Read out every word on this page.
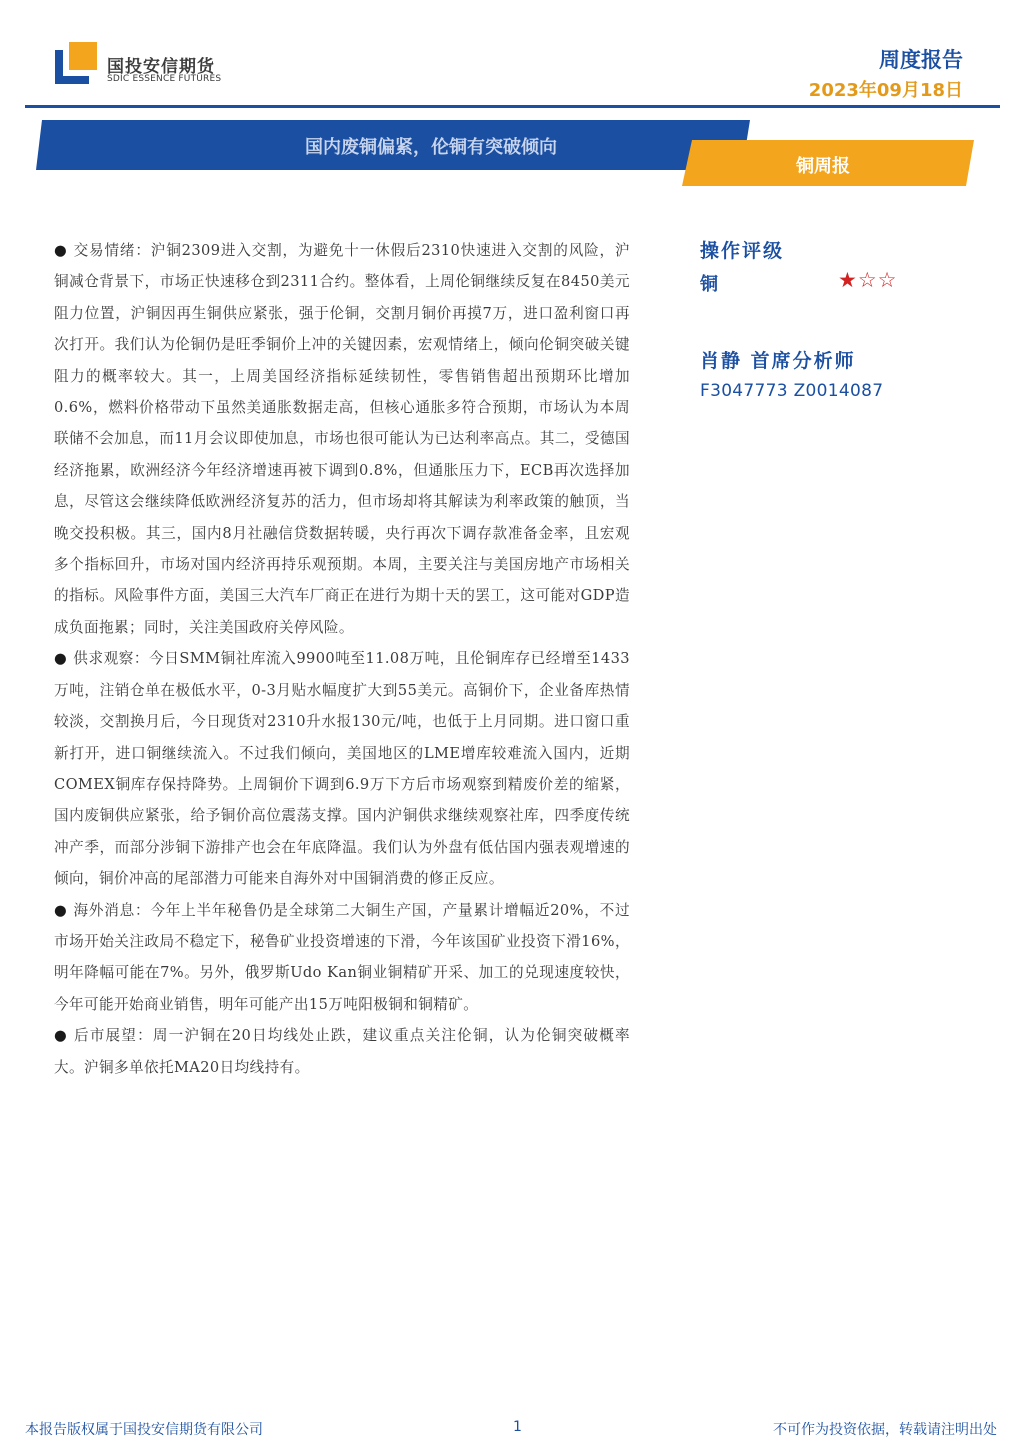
国投安信期货
SDIC ESSENCE FUTURES
周度报告
2023年09月18日
国内废铜偏紧，伦铜有突破倾向
铜周报

● 交易情绪：沪铜2309进入交割，为避免十一休假后2310快速进入交割的风险，沪铜减仓背景下，市场正快速移仓到2311合约。整体看，上周伦铜继续反复在8450美元阻力位置，沪铜因再生铜供应紧张，强于伦铜，交割月铜价再摸7万，进口盈利窗口再次打开。我们认为伦铜仍是旺季铜价上冲的关键因素，宏观情绪上，倾向伦铜突破关键阻力的概率较大。其一，上周美国经济指标延续韧性，零售销售超出预期环比增加0.6%，燃料价格带动下虽然美通胀数据走高，但核心通胀多符合预期，市场认为本周联储不会加息，而11月会议即使加息，市场也很可能认为已达利率高点。其二，受德国经济拖累，欧洲经济今年经济增速再被下调到0.8%，但通胀压力下，ECB再次选择加息，尽管这会继续降低欧洲经济复苏的活力，但市场却将其解读为利率政策的触顶，当晚交投积极。其三，国内8月社融信贷数据转暖，央行再次下调存款准备金率，且宏观多个指标回升，市场对国内经济再持乐观预期。本周，主要关注与美国房地产市场相关的指标。风险事件方面，美国三大汽车厂商正在进行为期十天的罢工，这可能对GDP造成负面拖累；同时，关注美国政府关停风险。

● 供求观察：今日SMM铜社库流入9900吨至11.08万吨，且伦铜库存已经增至1433万吨，注销仓单在极低水平，0-3月贴水幅度扩大到55美元。高铜价下，企业备库热情较淡，交割换月后，今日现货对2310升水报130元/吨，也低于上月同期。进口窗口重新打开，进口铜继续流入。不过我们倾向，美国地区的LME增库较难流入国内，近期COMEX铜库存保持降势。上周铜价下调到6.9万下方后市场观察到精废价差的缩紧，国内废铜供应紧张，给予铜价高位震荡支撑。国内沪铜供求继续观察社库，四季度传统冲产季，而部分涉铜下游排产也会在年底降温。我们认为外盘有低估国内强表观增速的倾向，铜价冲高的尾部潜力可能来自海外对中国铜消费的修正反应。

● 海外消息：今年上半年秘鲁仍是全球第二大铜生产国，产量累计增幅近20%，不过市场开始关注政局不稳定下，秘鲁矿业投资增速的下滑，今年该国矿业投资下滑16%，明年降幅可能在7%。另外，俄罗斯Udo Kan铜业铜精矿开采、加工的兑现速度较快，今年可能开始商业销售，明年可能产出15万吨阳极铜和铜精矿。

● 后市展望：周一沪铜在20日均线处止跌，建议重点关注伦铜，认为伦铜突破概率大。沪铜多单依托MA20日均线持有。

操作评级
铜	★☆☆
肖静 首席分析师
F3047773 Z0014087
本报告版权属于国投安信期货有限公司	1	不可作为投资依据，转载请注明出处
